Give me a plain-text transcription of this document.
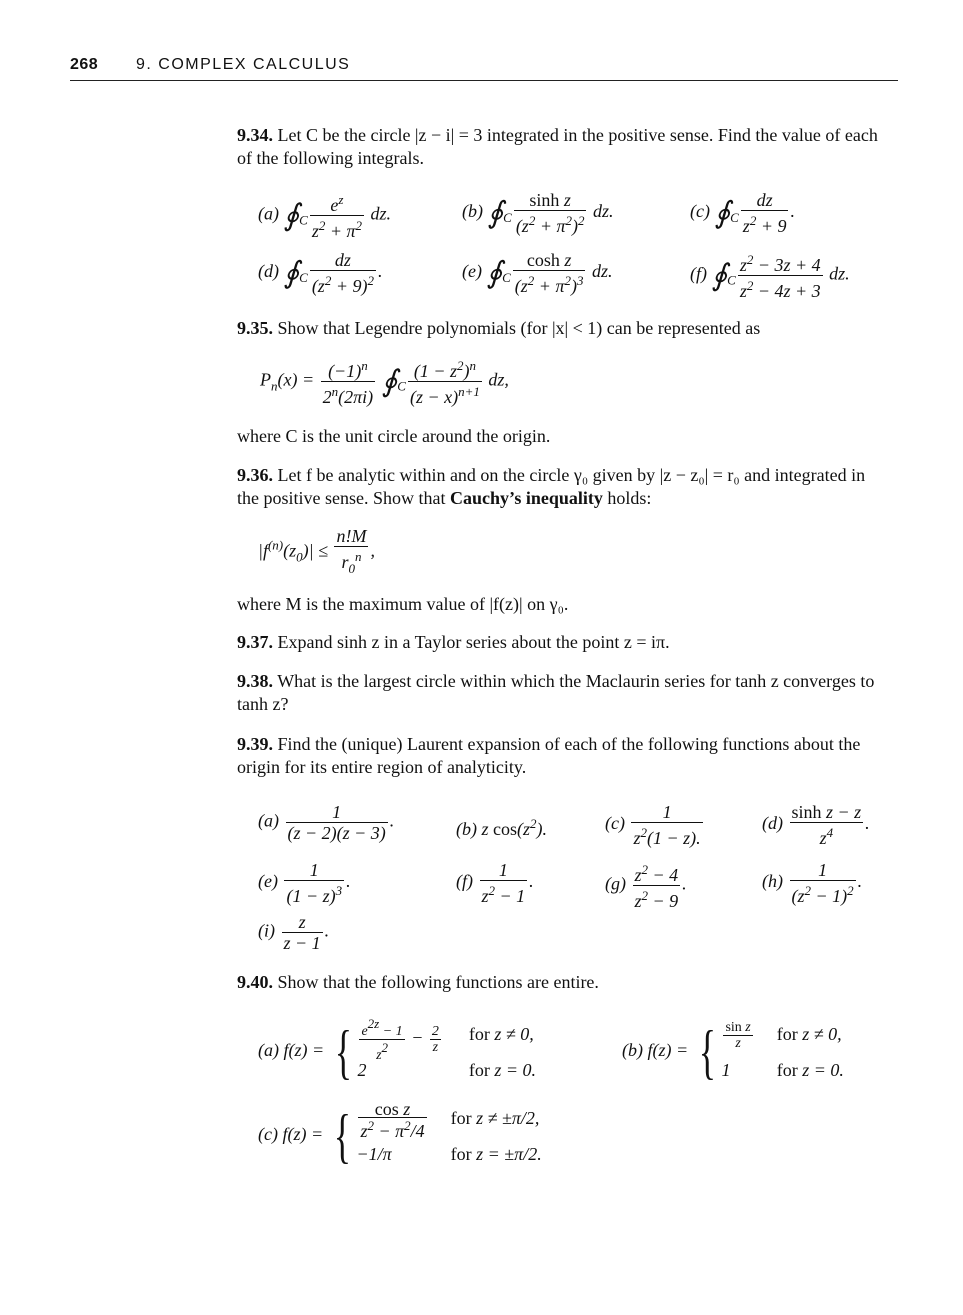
268 9. COMPLEX CALCULUS
9.34. Let C be the circle |z − i| = 3 integrated in the positive sense. Find the value of each of the following integrals.
(a) $∮_C \frac{e^z}{z^2 + \pi^2}$ dz.	(b) $∮_C \frac{\text{sinh z}}{(z^2 + \pi^2)^2}$ dz.	(c) $∮_C \frac{dz}{z^2 + 9}$ .
(d) $∮_C \frac{dz}{(z^2 + 9)^2}$ .	(e) $∮_C \frac{\text{cosh z}}{(z^2 + \pi^2)^3}$ dz.	(f) $∮_C \frac{z^2 - 3z + 4}{z^2 - 4z + 3}$ dz.
9.35. Show that Legendre polynomials (for |x| < 1) can be represented as
$P_n(x) = \frac{(-1)^n}{2^n(2\pi i)}$ $∮_C \frac{(1 - z^2)^n}{(z - x)^{n+1}}$ dz,
where C is the unit circle around the origin.
9.36. Let f be analytic within and on the circle γ₀ given by |z − z₀| = r₀ and integrated in the positive sense. Show that Cauchy’s inequality holds:
$|f^{(n)}(z_0)| \le \frac{n!M}{r_0^n}$ ,
where M is the maximum value of |f(z)| on γ₀.
9.37. Expand sinh z in a Taylor series about the point z = iπ.
9.38. What is the largest circle within which the Maclaurin series for tanh z converges to tanh z?
9.39. Find the (unique) Laurent expansion of each of the following functions about the origin for its entire region of analyticity.
$(a) \frac{1}{(z - 2)(z - 3)}$ .	(b) z $\cos(z^2)$.	$(c) \frac{1}{z^2(1 - z).}$	$(d) \frac{\text{sinh z − z}}{z^4}$ .
$(e) \frac{1}{(1 - z)^3}$ .	$(f) \frac{1}{z^2 - 1}$ .	$(g) \frac{z^2 - 4}{z^2 - 9}$ .	$(h) \frac{1}{(z^2 - 1)^2}$ .
$(i) \frac{z}{z - 1}$ .
9.40. Show that the following functions are entire.
(a) f(z) = { $\frac{e2z - 1}{z2} - \frac{2}{z}$
2
for z ≠ 0,
for z = 0.
(b) f(z) = { $\frac{\text{sin z}}{z}$
1
for z ≠ 0,
for z = 0.
(c) f(z) = { $\frac{\text{cos z}}{z^2 - \pi^2/4}$
−1/π
for z ≠ ±π/2,
for z = ±π/2.
